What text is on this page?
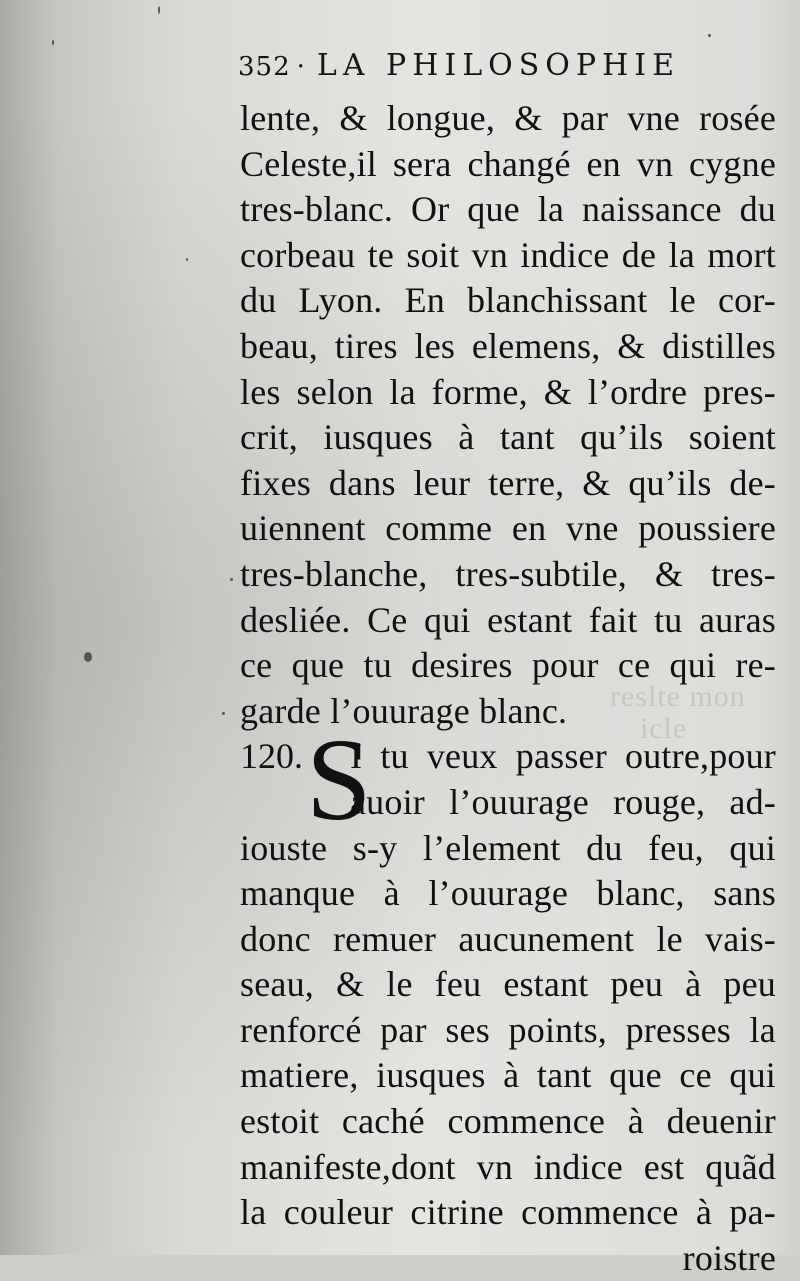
reslte mon
icle
352 · LA PHILOSOPHIE
lente, & longue, & par vne rosée
Celeste,il sera changé en vn cygne
tres-blanc. Or que la naissance du
corbeau te soit vn indice de la mort
du Lyon. En blanchissant le cor-
beau, tires les elemens, & distilles
les selon la forme, & l’ordre pres-
crit, iusques à tant qu’ils soient
fixes dans leur terre, & qu’ils de-
uiennent comme en vne poussiere
tres-blanche, tres-subtile, & tres-
desliée. Ce qui estant fait tu auras
ce que tu desires pour ce qui re-
garde l’ouurage blanc.
120. S
I tu veux passer outre,pour
auoir l’ouurage rouge, ad-
iouste s-y l’element du feu, qui
manque à l’ouurage blanc, sans
donc remuer aucunement le vais-
seau, & le feu estant peu à peu
renforcé par ses points, presses la
matiere, iusques à tant que ce qui
estoit caché commence à deuenir
manifeste,dont vn indice est quãd
la couleur citrine commence à pa-
roistre
